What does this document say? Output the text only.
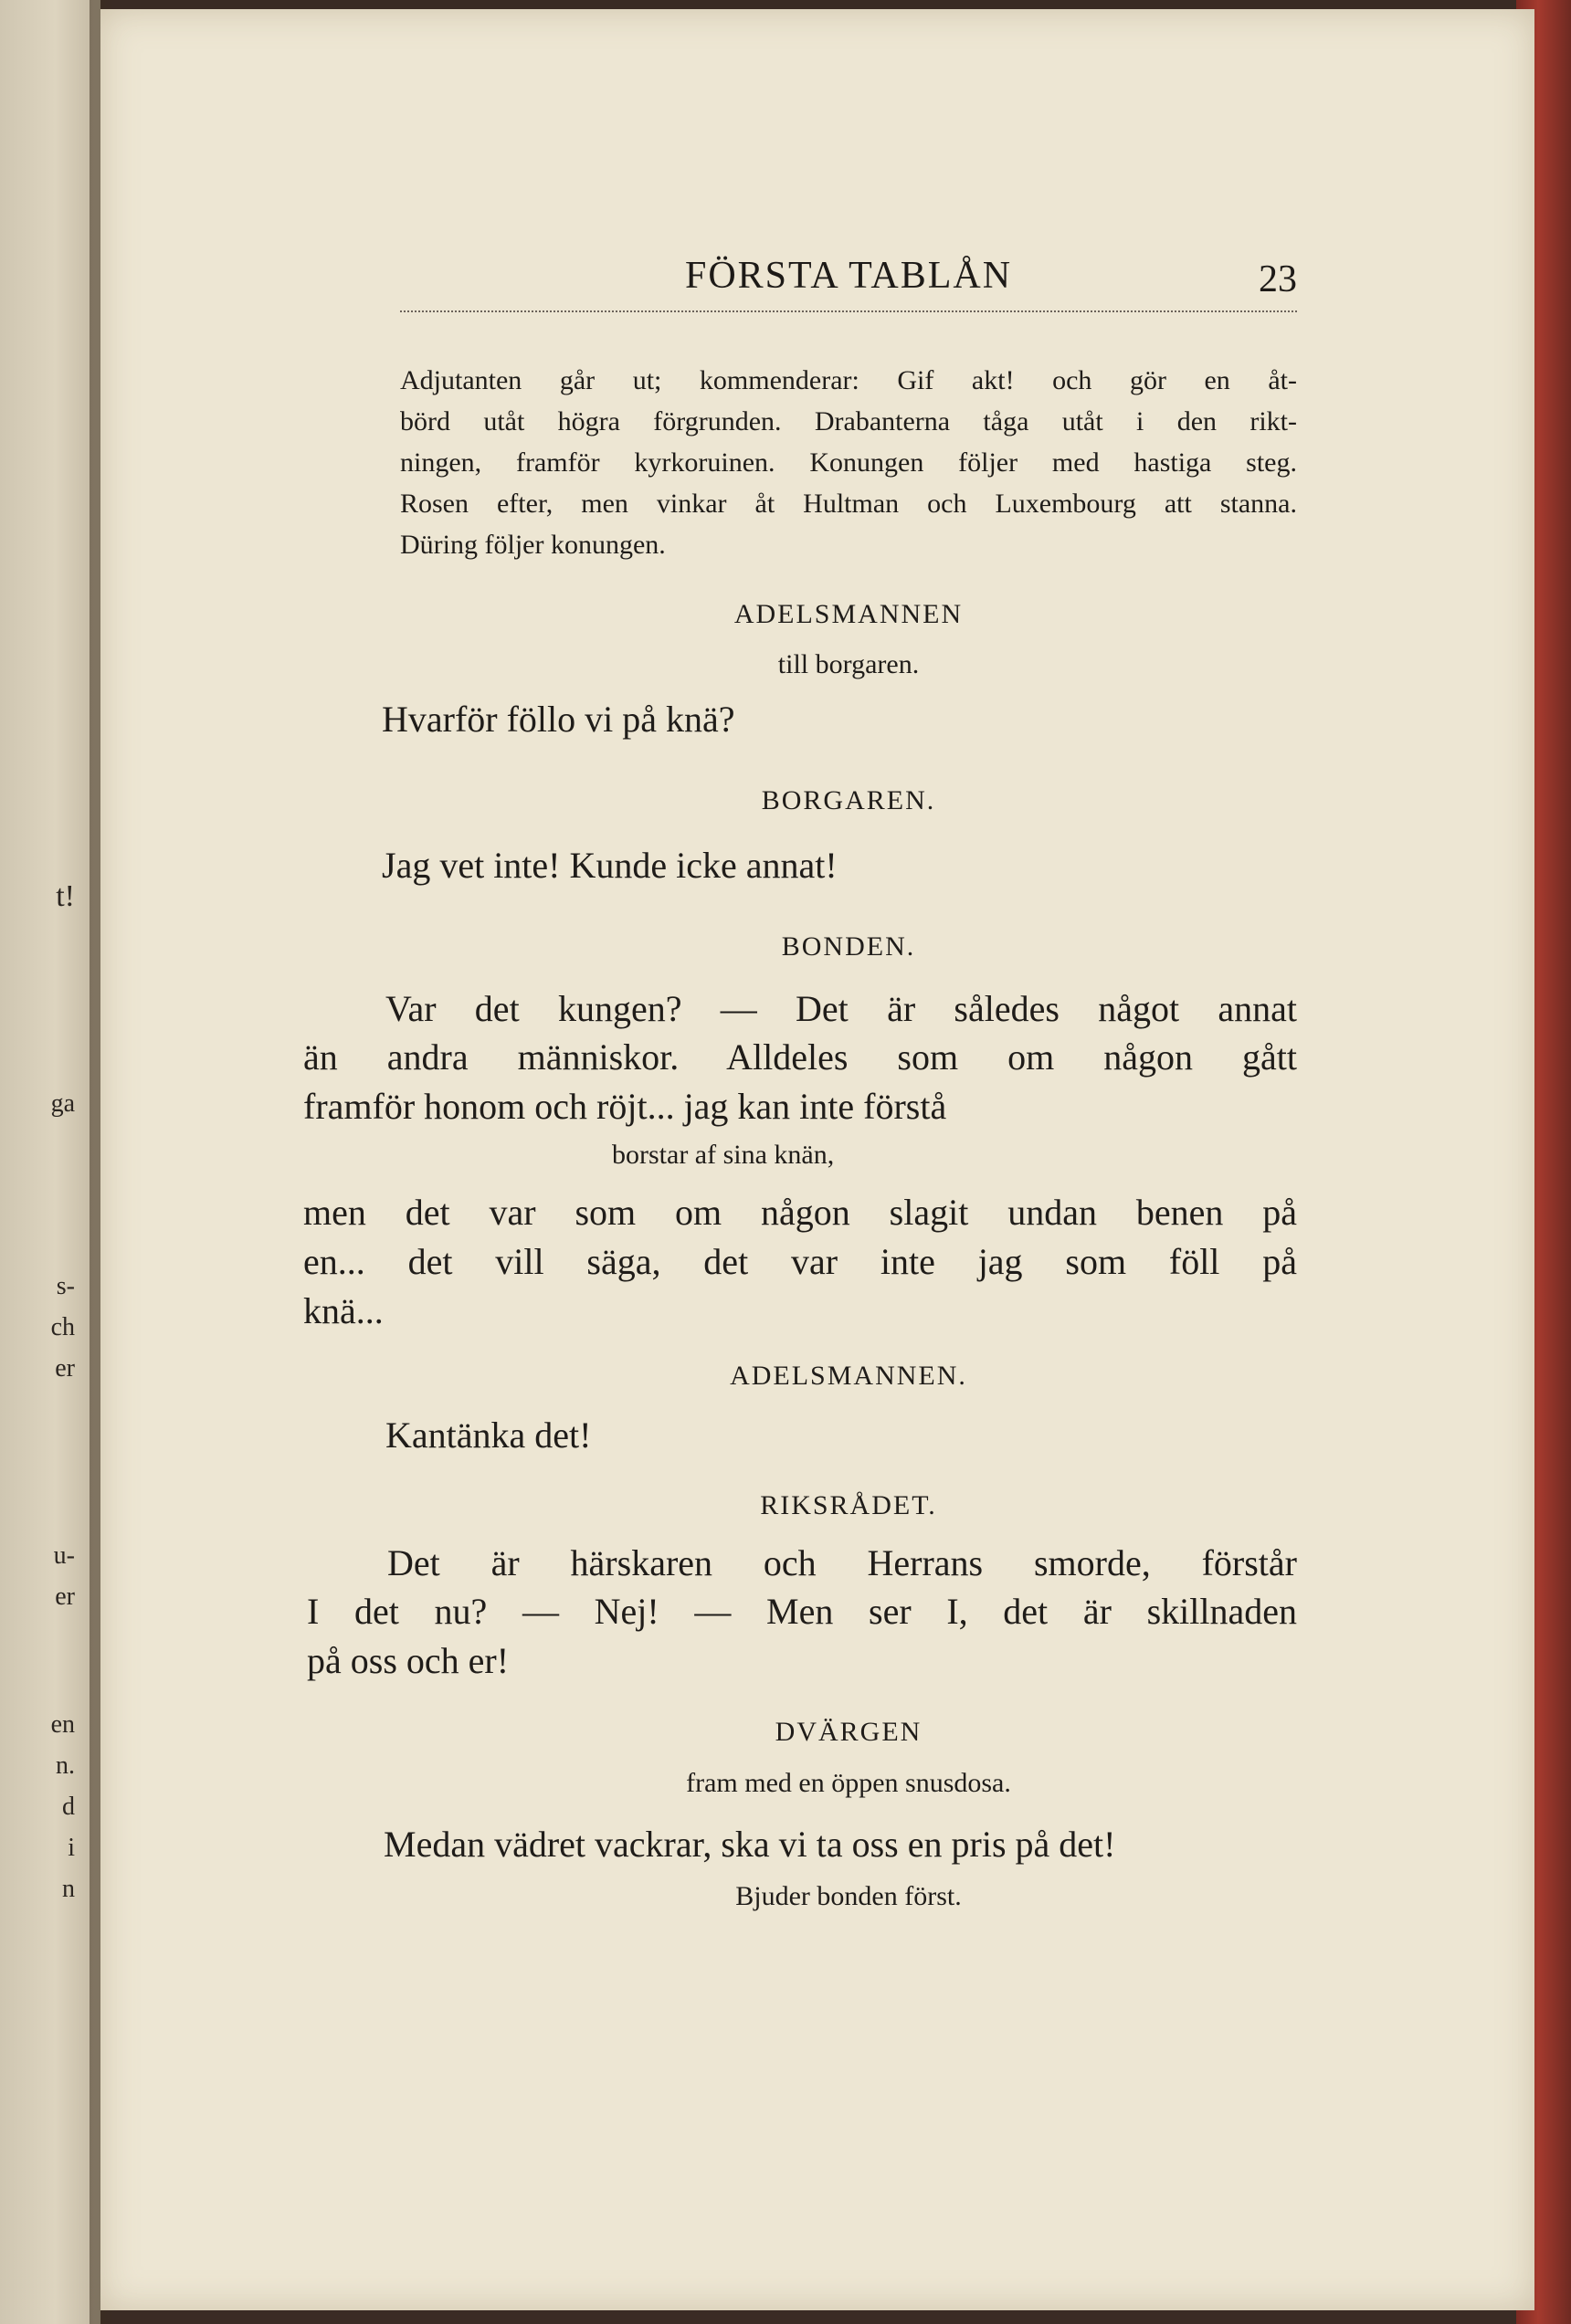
t!
ga
s-
ch
er
u-
er
en
n.
d
i
n
FÖRSTA TABLÅN	23
Adjutanten går ut; kommenderar: Gif akt! och gör en åt-
börd utåt högra förgrunden. Drabanterna tåga utåt i den rikt-
ningen, framför kyrkoruinen. Konungen följer med hastiga steg.
Rosen efter, men vinkar åt Hultman och Luxembourg att stanna.
Düring följer konungen.
ADELSMANNEN
till borgaren.
Hvarför föllo vi på knä?
BORGAREN.
Jag vet inte! Kunde icke annat!
BONDEN.
Var det kungen? — Det är således något annat
än andra människor. Alldeles som om någon gått
framför honom och röjt... jag kan inte förstå
borstar af sina knän,
men det var som om någon slagit undan benen på
en... det vill säga, det var inte jag som föll på
knä...
ADELSMANNEN.
Kantänka det!
RIKSRÅDET.
Det är härskaren och Herrans smorde, förstår
I det nu? — Nej! — Men ser I, det är skillnaden
på oss och er!
DVÄRGEN
fram med en öppen snusdosa.
Medan vädret vackrar, ska vi ta oss en pris på det!
Bjuder bonden först.
